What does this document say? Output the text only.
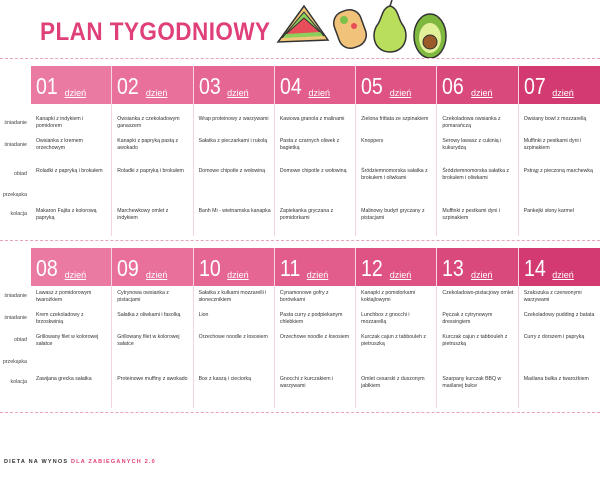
PLAN TYGODNIOWY
śniadanie
śniadanie
obiad
przekąska
kolacja
01 dzień
Kanapki z indykiem i pomidorem
Owsianka z kremem orzechowym
Roladki z papryką i brokułem
Makaron Fajita z kolorową papryką
02 dzień
Owsianka z czekoladowym ganaszem
Kanapki z papryką pastą z awokado
Roladki z papryką i brokułem
Marchewkowy omlet z indykiem
03 dzień
Wrap proteinowy z warzywami
Sałatka z pieczarkami i rukolą
Domowe chipotle z wołowiną
Banh Mi - wietnamska kanapka
04 dzień
Kawowa granola z malinami
Pasta z czarnych oliwek z bagietką
Domowe chipotle z wołowiną
Zapiekanka gryczana z pomidorkami
05 dzień
Zielona frittata ze szpinakiem
Knoppers
Śródziemnomorska sałatka z brokułem i oliwkami
Malinowy budyń gryczany z pistacjami
06 dzień
Czekoladowa owsianka z pomarańczą
Serowy lawasz z cukinią i kukurydzą
Śródziemnomorska sałatka z brokułem i oliwkami
Muffinki z pestkami dyni i szpinakiem
07 dzień
Owsiany bowl z mozzarellą
Muffinki z pestkami dyni i szpinakiem
Pstrąg z pieczoną marchewką
Pankejki słony karmel
śniadanie
śniadanie
obiad
przekąska
kolacja
08 dzień
Lawasz z pomidorowym twarożkiem
Krem czekoladowy z brzoskwinią
Grillowany filet w kolorowej sałatce
Zawijana grecka sałatka
09 dzień
Cytrynowa owsianka z pistacjami
Sałatka z oliwkami i fasolką
Grillowany filet w kolorowej sałatce
Proteinowe muffiny z awokado
10 dzień
Sałatka z kulkami mozzarelli i słonecznikiem
Lion
Orzechowe noodle z łososiem
Box z kaszą i cieciorką
11 dzień
Cynamonowe gofry z borówkami
Pasta curry z podpiekanym chlebkiem
Orzechowe noodle z łososiem
Gnocchi z kurczakiem i warzywami
12 dzień
Kanapki z pomidorkami koktajlowymi
Lunchbox z gnocchi i mozzarellą
Kurczak cajun z tabbouleh z pietruszką
Omlet cesarski z duszonym jabłkiem
13 dzień
Czekoladowo-pistacjowy omlet
Pęczak z cytrynowym dressingiem
Kurczak cajun z tabbouleh z pietruszką
Szarpany kurczak BBQ w maślanej bułce
14 dzień
Szakszuka z czerwonymi warzywami
Czekoladowy pudding z batata
Curry z dorszem i papryką
Maślana bułka z twarożkiem
DIETA NA WYNOS DLA ZABIEGANYCH 2.0
